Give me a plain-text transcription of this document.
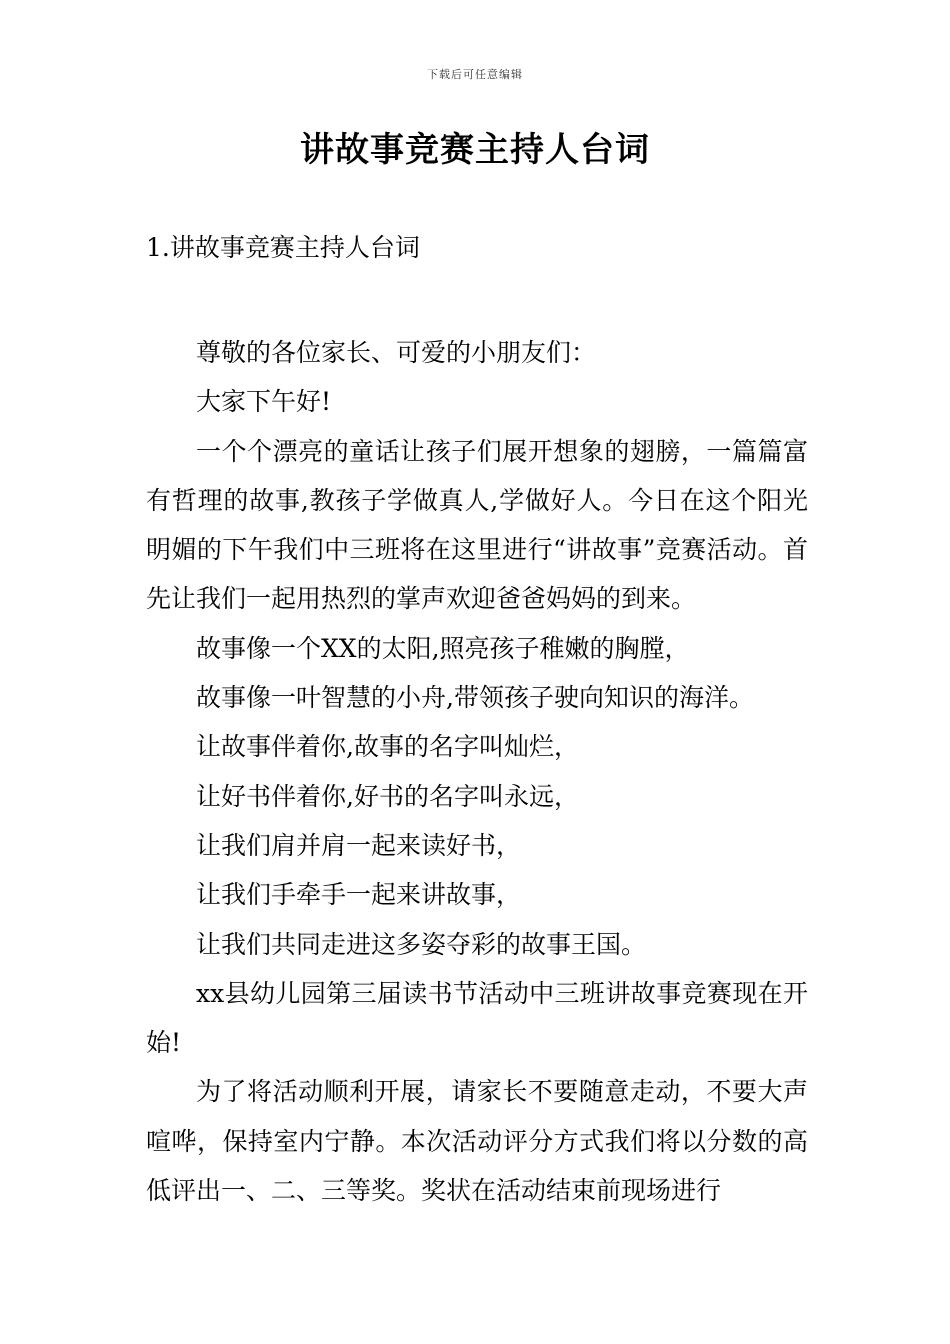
下载后可任意编辑
讲故事竞赛主持人台词
1.讲故事竞赛主持人台词

尊敬的各位家长、可爱的小朋友们：

大家下午好!

一个个漂亮的童话让孩子们展开想象的翅膀，一篇篇富有哲理的故事,教孩子学做真人,学做好人。今日在这个阳光明媚的下午我们中三班将在这里进行“讲故事”竞赛活动。首先让我们一起用热烈的掌声欢迎爸爸妈妈的到来。

故事像一个XX的太阳,照亮孩子稚嫩的胸膛，

故事像一叶智慧的小舟,带领孩子驶向知识的海洋。

让故事伴着你,故事的名字叫灿烂，

让好书伴着你,好书的名字叫永远，

让我们肩并肩一起来读好书，

让我们手牵手一起来讲故事，

让我们共同走进这多姿夺彩的故事王国。

xx县幼儿园第三届读书节活动中三班讲故事竞赛现在开始!

为了将活动顺利开展，请家长不要随意走动，不要大声喧哗，保持室内宁静。本次活动评分方式我们将以分数的高低评出一、二、三等奖。奖状在活动结束前现场进行
